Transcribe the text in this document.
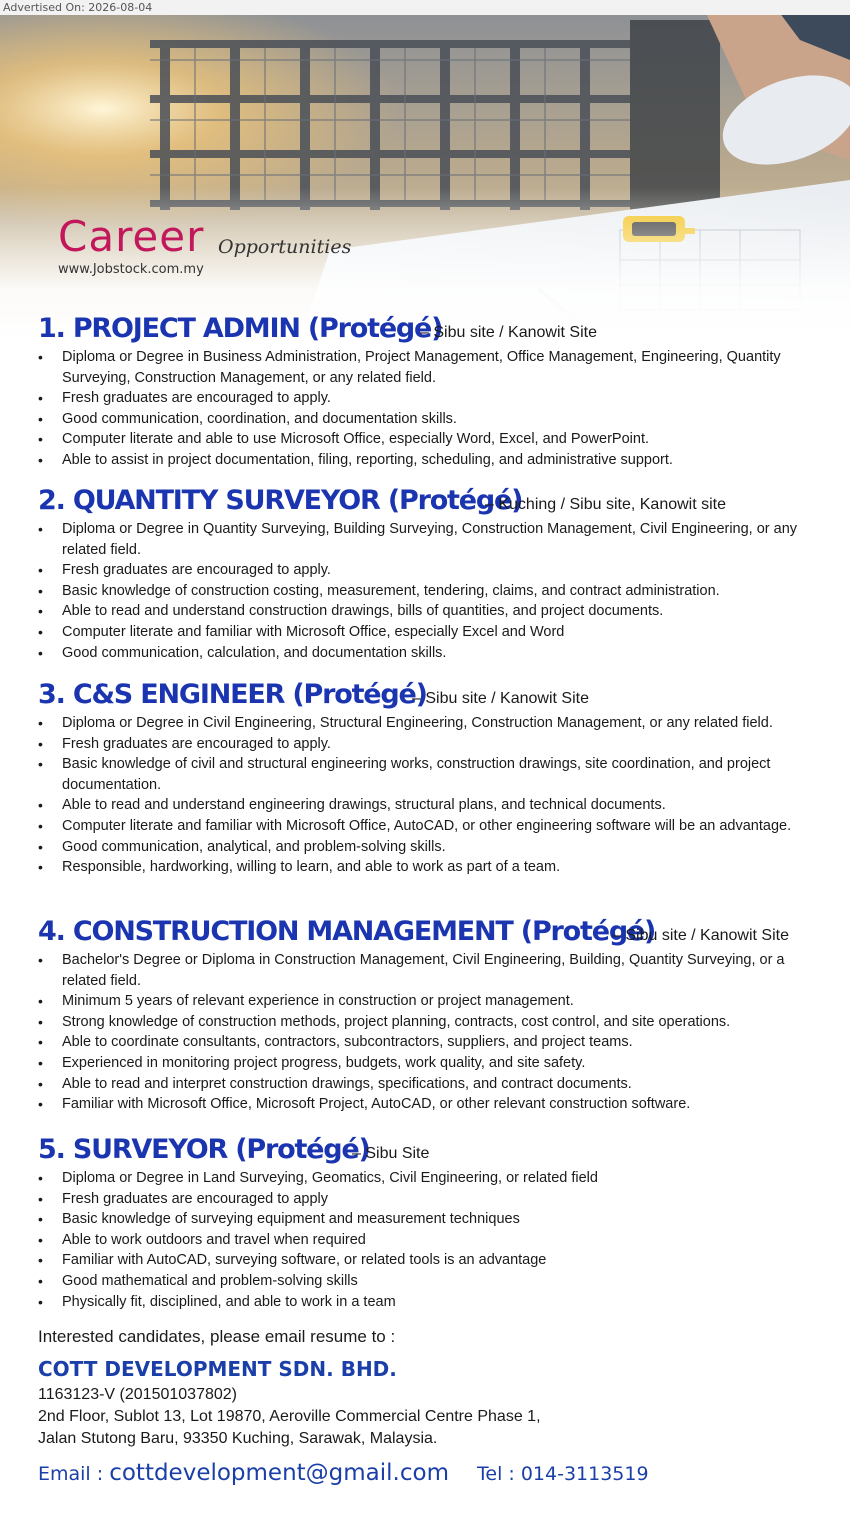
Advertised On: 2026-08-04
Career Opportunities
www.Jobstock.com.my
1. PROJECT ADMIN (Protégé)
– Sibu site / Kanowit Site
• Diploma or Degree in Business Administration, Project Management, Office Management, Engineering, Quantity Surveying, Construction Management, or any related field.
• Fresh graduates are encouraged to apply.
• Good communication, coordination, and documentation skills.
• Computer literate and able to use Microsoft Office, especially Word, Excel, and PowerPoint.
• Able to assist in project documentation, filing, reporting, scheduling, and administrative support.
2. QUANTITY SURVEYOR (Protégé)
– Kuching / Sibu site, Kanowit site
• Diploma or Degree in Quantity Surveying, Building Surveying, Construction Management, Civil Engineering, or any related field.
• Fresh graduates are encouraged to apply.
• Basic knowledge of construction costing, measurement, tendering, claims, and contract administration.
• Able to read and understand construction drawings, bills of quantities, and project documents.
• Computer literate and familiar with Microsoft Office, especially Excel and Word
• Good communication, calculation, and documentation skills.
3. C&S ENGINEER (Protégé)
– Sibu site / Kanowit Site
• Diploma or Degree in Civil Engineering, Structural Engineering, Construction Management, or any related field.
• Fresh graduates are encouraged to apply.
• Basic knowledge of civil and structural engineering works, construction drawings, site coordination, and project documentation.
• Able to read and understand engineering drawings, structural plans, and technical documents.
• Computer literate and familiar with Microsoft Office, AutoCAD, or other engineering software will be an advantage.
• Good communication, analytical, and problem-solving skills.
• Responsible, hardworking, willing to learn, and able to work as part of a team.
4. CONSTRUCTION MANAGEMENT (Protégé)
– Sibu site / Kanowit Site
• Bachelor's Degree or Diploma in Construction Management, Civil Engineering, Building, Quantity Surveying, or a related field.
• Minimum 5 years of relevant experience in construction or project management.
• Strong knowledge of construction methods, project planning, contracts, cost control, and site operations.
• Able to coordinate consultants, contractors, subcontractors, suppliers, and project teams.
• Experienced in monitoring project progress, budgets, work quality, and site safety.
• Able to read and interpret construction drawings, specifications, and contract documents.
• Familiar with Microsoft Office, Microsoft Project, AutoCAD, or other relevant construction software.
5. SURVEYOR (Protégé)
– Sibu Site
• Diploma or Degree in Land Surveying, Geomatics, Civil Engineering, or related field
• Fresh graduates are encouraged to apply
• Basic knowledge of surveying equipment and measurement techniques
• Able to work outdoors and travel when required
• Familiar with AutoCAD, surveying software, or related tools is an advantage
• Good mathematical and problem-solving skills
• Physically fit, disciplined, and able to work in a team
Interested candidates, please email resume to :
COTT DEVELOPMENT SDN. BHD.
1163123-V (201501037802)
2nd Floor, Sublot 13, Lot 19870, Aeroville Commercial Centre Phase 1,
Jalan Stutong Baru, 93350 Kuching, Sarawak, Malaysia.
Email : cottdevelopment@gmail.com Tel : 014-3113519
